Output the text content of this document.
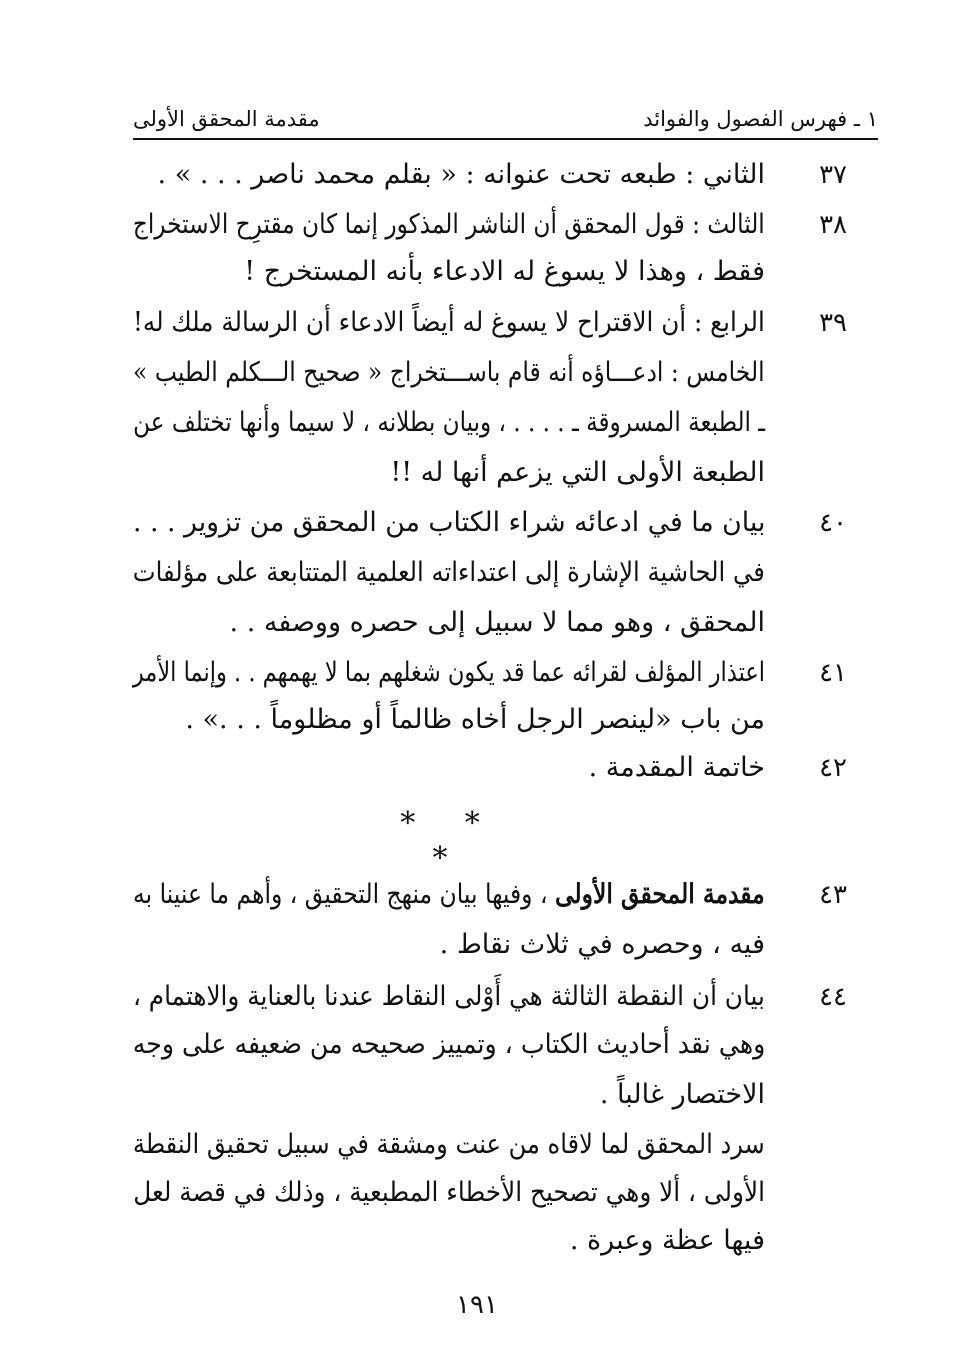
١ ـ فهرس الفصول والفوائد
مقدمة المحقق الأولى
٣٧
الثاني : طبعه تحت عنوانه : « بقلم محمد ناصر . . . » .
٣٨
الثالث : قول المحقق أن الناشر المذكور إنما كان مقترِح الاستخراج
فقط ، وهذا لا يسوغ له الادعاء بأنه المستخرج !
٣٩
الرابع : أن الاقتراح لا يسوغ له أيضاً الادعاء أن الرسالة ملك له!
الخامس : ادعـــاؤه أنه قام باســـتخراج « صحيح الـــكلم الطيب »
ـ الطبعة المسروقة ـ . . . . ، وبيان بطلانه ، لا سيما وأنها تختلف عن
الطبعة الأولى التي يزعم أنها له !!
٤٠
بيان ما في ادعائه شراء الكتاب من المحقق من تزوير . . .
في الحاشية الإشارة إلى اعتداءاته العلمية المتتابعة على مؤلفات
المحقق ، وهو مما لا سبيل إلى حصره ووصفه . .
٤١
اعتذار المؤلف لقرائه عما قد يكون شغلهم بما لا يهمهم . . وإنما الأمر
من باب «لينصر الرجل أخاه ظالماً أو مظلوماً . . .» .
٤٢
خاتمة المقدمة .
* * *
٤٣
مقدمة المحقق الأولى ، وفيها بيان منهج التحقيق ، وأهم ما عنينا به
فيه ، وحصره في ثلاث نقاط .
٤٤
بيان أن النقطة الثالثة هي أَوْلى النقاط عندنا بالعناية والاهتمام ،
وهي نقد أحاديث الكتاب ، وتمييز صحيحه من ضعيفه على وجه
الاختصار غالباً .
سرد المحقق لما لاقاه من عنت ومشقة في سبيل تحقيق النقطة
الأولى ، ألا وهي تصحيح الأخطاء المطبعية ، وذلك في قصة لعل
فيها عظة وعبرة .
١٩١
